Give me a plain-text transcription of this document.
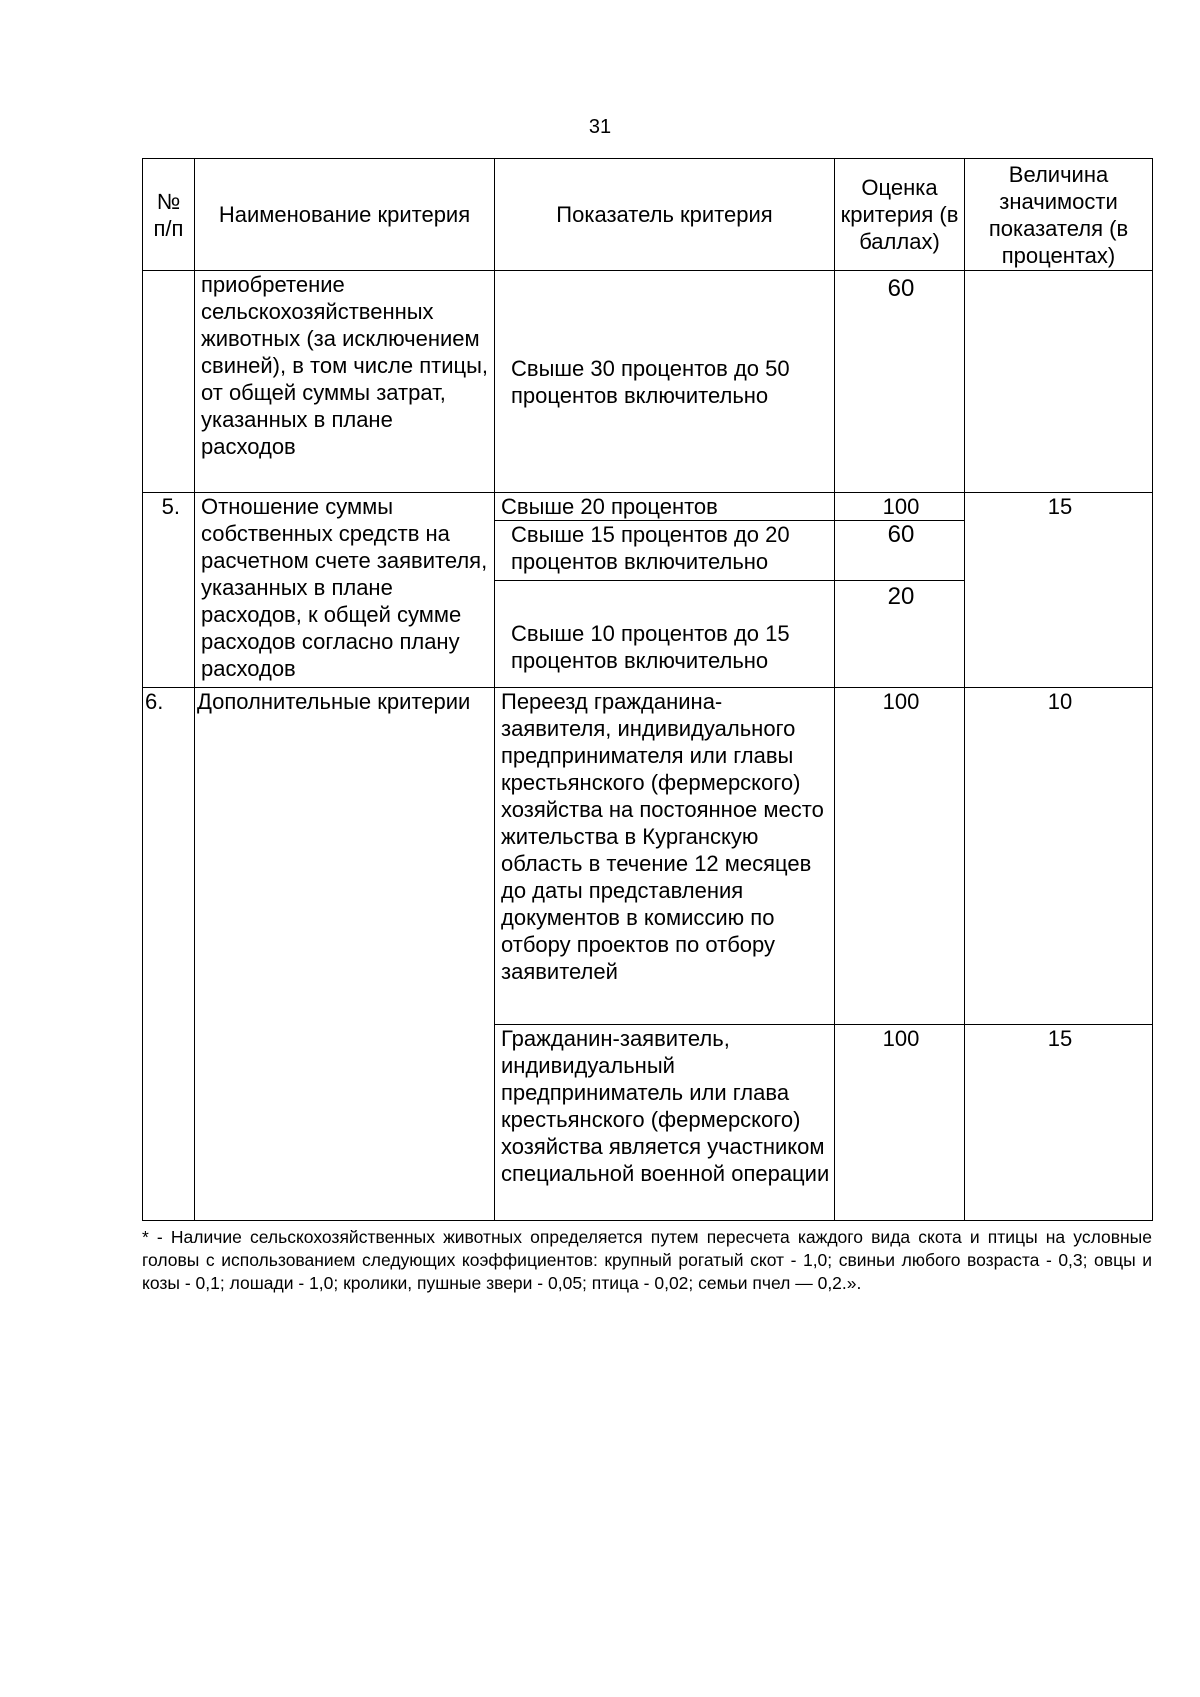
31
№ п/п	Наименование критерия	Показатель критерия	Оценка критерия (в баллах)	Величина значимости показателя (в процентах)
	приобретение сельскохозяйственных животных (за исключением свиней), в том числе птицы, от общей суммы затрат, указанных в плане расходов	Свыше 30 процентов до 50 процентов включительно	60	
5.	Отношение суммы собственных средств на расчетном счете заявителя, указанных в плане расходов, к общей сумме расходов согласно плану расходов	Свыше 20 процентов	100	15
		Свыше 15 процентов до 20 процентов включительно	60	
		Свыше 10 процентов до 15 процентов включительно	20	
6.	Дополнительные критерии	Переезд гражданина-заявителя, индивидуального предпринимателя или главы крестьянского (фермерского) хозяйства на постоянное место жительства в Курганскую область в течение 12 месяцев до даты представления документов в комиссию по отбору проектов по отбору заявителей	100	10
		Гражданин-заявитель, индивидуальный предприниматель или глава крестьянского (фермерского) хозяйства является участником специальной военной операции	100	15
* - Наличие сельскохозяйственных животных определяется путем пересчета каждого вида скота и птицы на условные головы с использованием следующих коэффициентов: крупный рогатый скот - 1,0; свиньи любого возраста - 0,3; овцы и козы - 0,1; лошади - 1,0; кролики, пушные звери - 0,05; птица - 0,02; семьи пчел — 0,2.».
